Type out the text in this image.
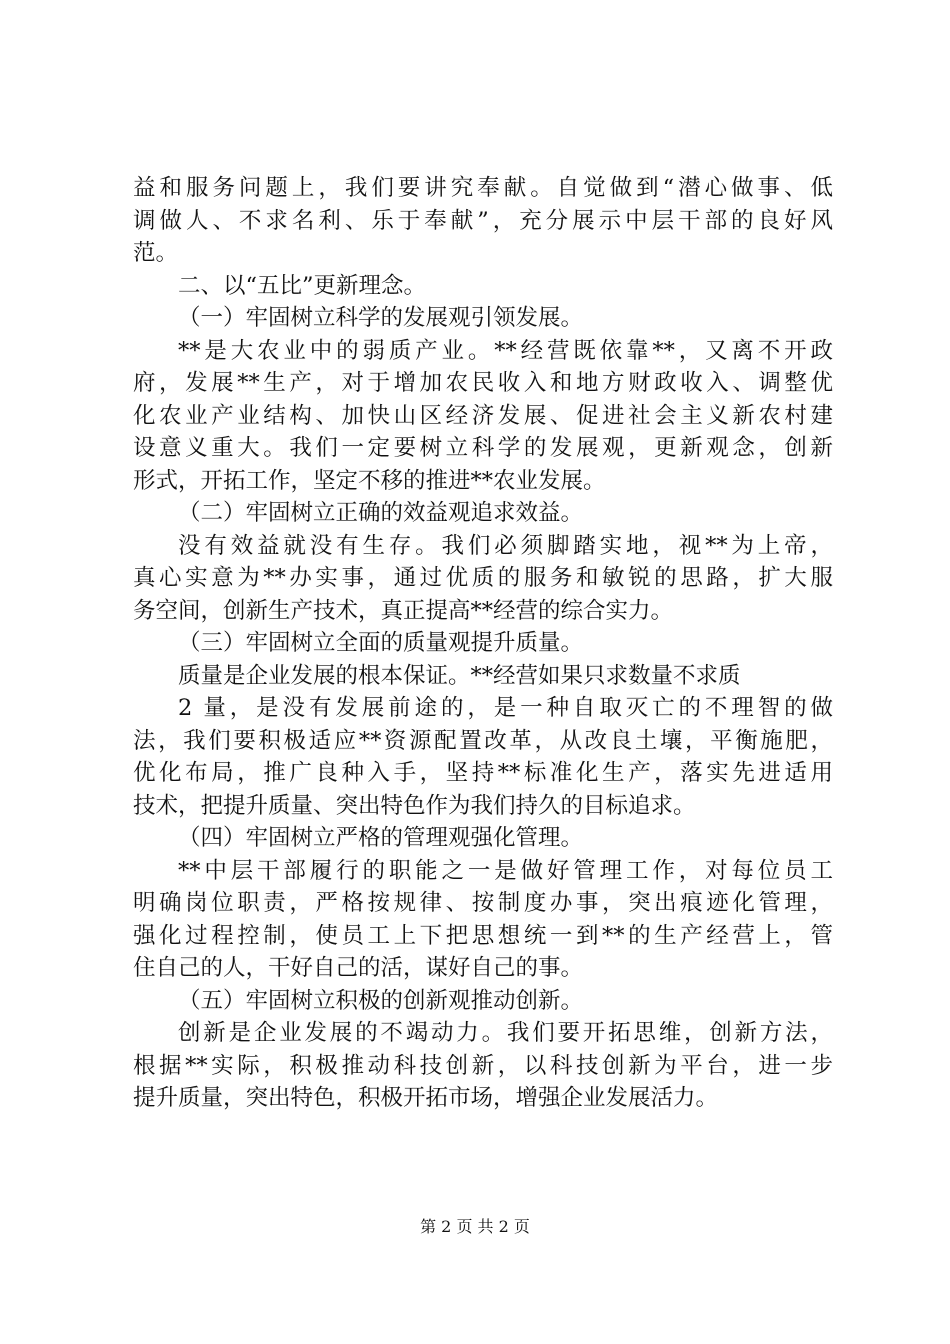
益和服务问题上，我们要讲究奉献。自觉做到“潜心做事、低
调做人、不求名利、乐于奉献”，充分展示中层干部的良好风
范。
二、以“五比”更新理念。
（一）牢固树立科学的发展观引领发展。
**是大农业中的弱质产业。**经营既依靠**，又离不开政
府，发展**生产，对于增加农民收入和地方财政收入、调整优
化农业产业结构、加快山区经济发展、促进社会主义新农村建
设意义重大。我们一定要树立科学的发展观，更新观念，创新
形式，开拓工作，坚定不移的推进**农业发展。
（二）牢固树立正确的效益观追求效益。
没有效益就没有生存。我们必须脚踏实地，视**为上帝，
真心实意为**办实事，通过优质的服务和敏锐的思路，扩大服
务空间，创新生产技术，真正提高**经营的综合实力。
（三）牢固树立全面的质量观提升质量。
质量是企业发展的根本保证。**经营如果只求数量不求质
2 量，是没有发展前途的，是一种自取灭亡的不理智的做
法，我们要积极适应**资源配置改革，从改良土壤，平衡施肥，
优化布局，推广良种入手，坚持**标准化生产，落实先进适用
技术，把提升质量、突出特色作为我们持久的目标追求。
（四）牢固树立严格的管理观强化管理。
**中层干部履行的职能之一是做好管理工作，对每位员工
明确岗位职责，严格按规律、按制度办事，突出痕迹化管理，
强化过程控制，使员工上下把思想统一到**的生产经营上，管
住自己的人，干好自己的活，谋好自己的事。
（五）牢固树立积极的创新观推动创新。
创新是企业发展的不竭动力。我们要开拓思维，创新方法，
根据**实际，积极推动科技创新，以科技创新为平台，进一步
提升质量，突出特色，积极开拓市场，增强企业发展活力。
第 2 页 共 2 页
